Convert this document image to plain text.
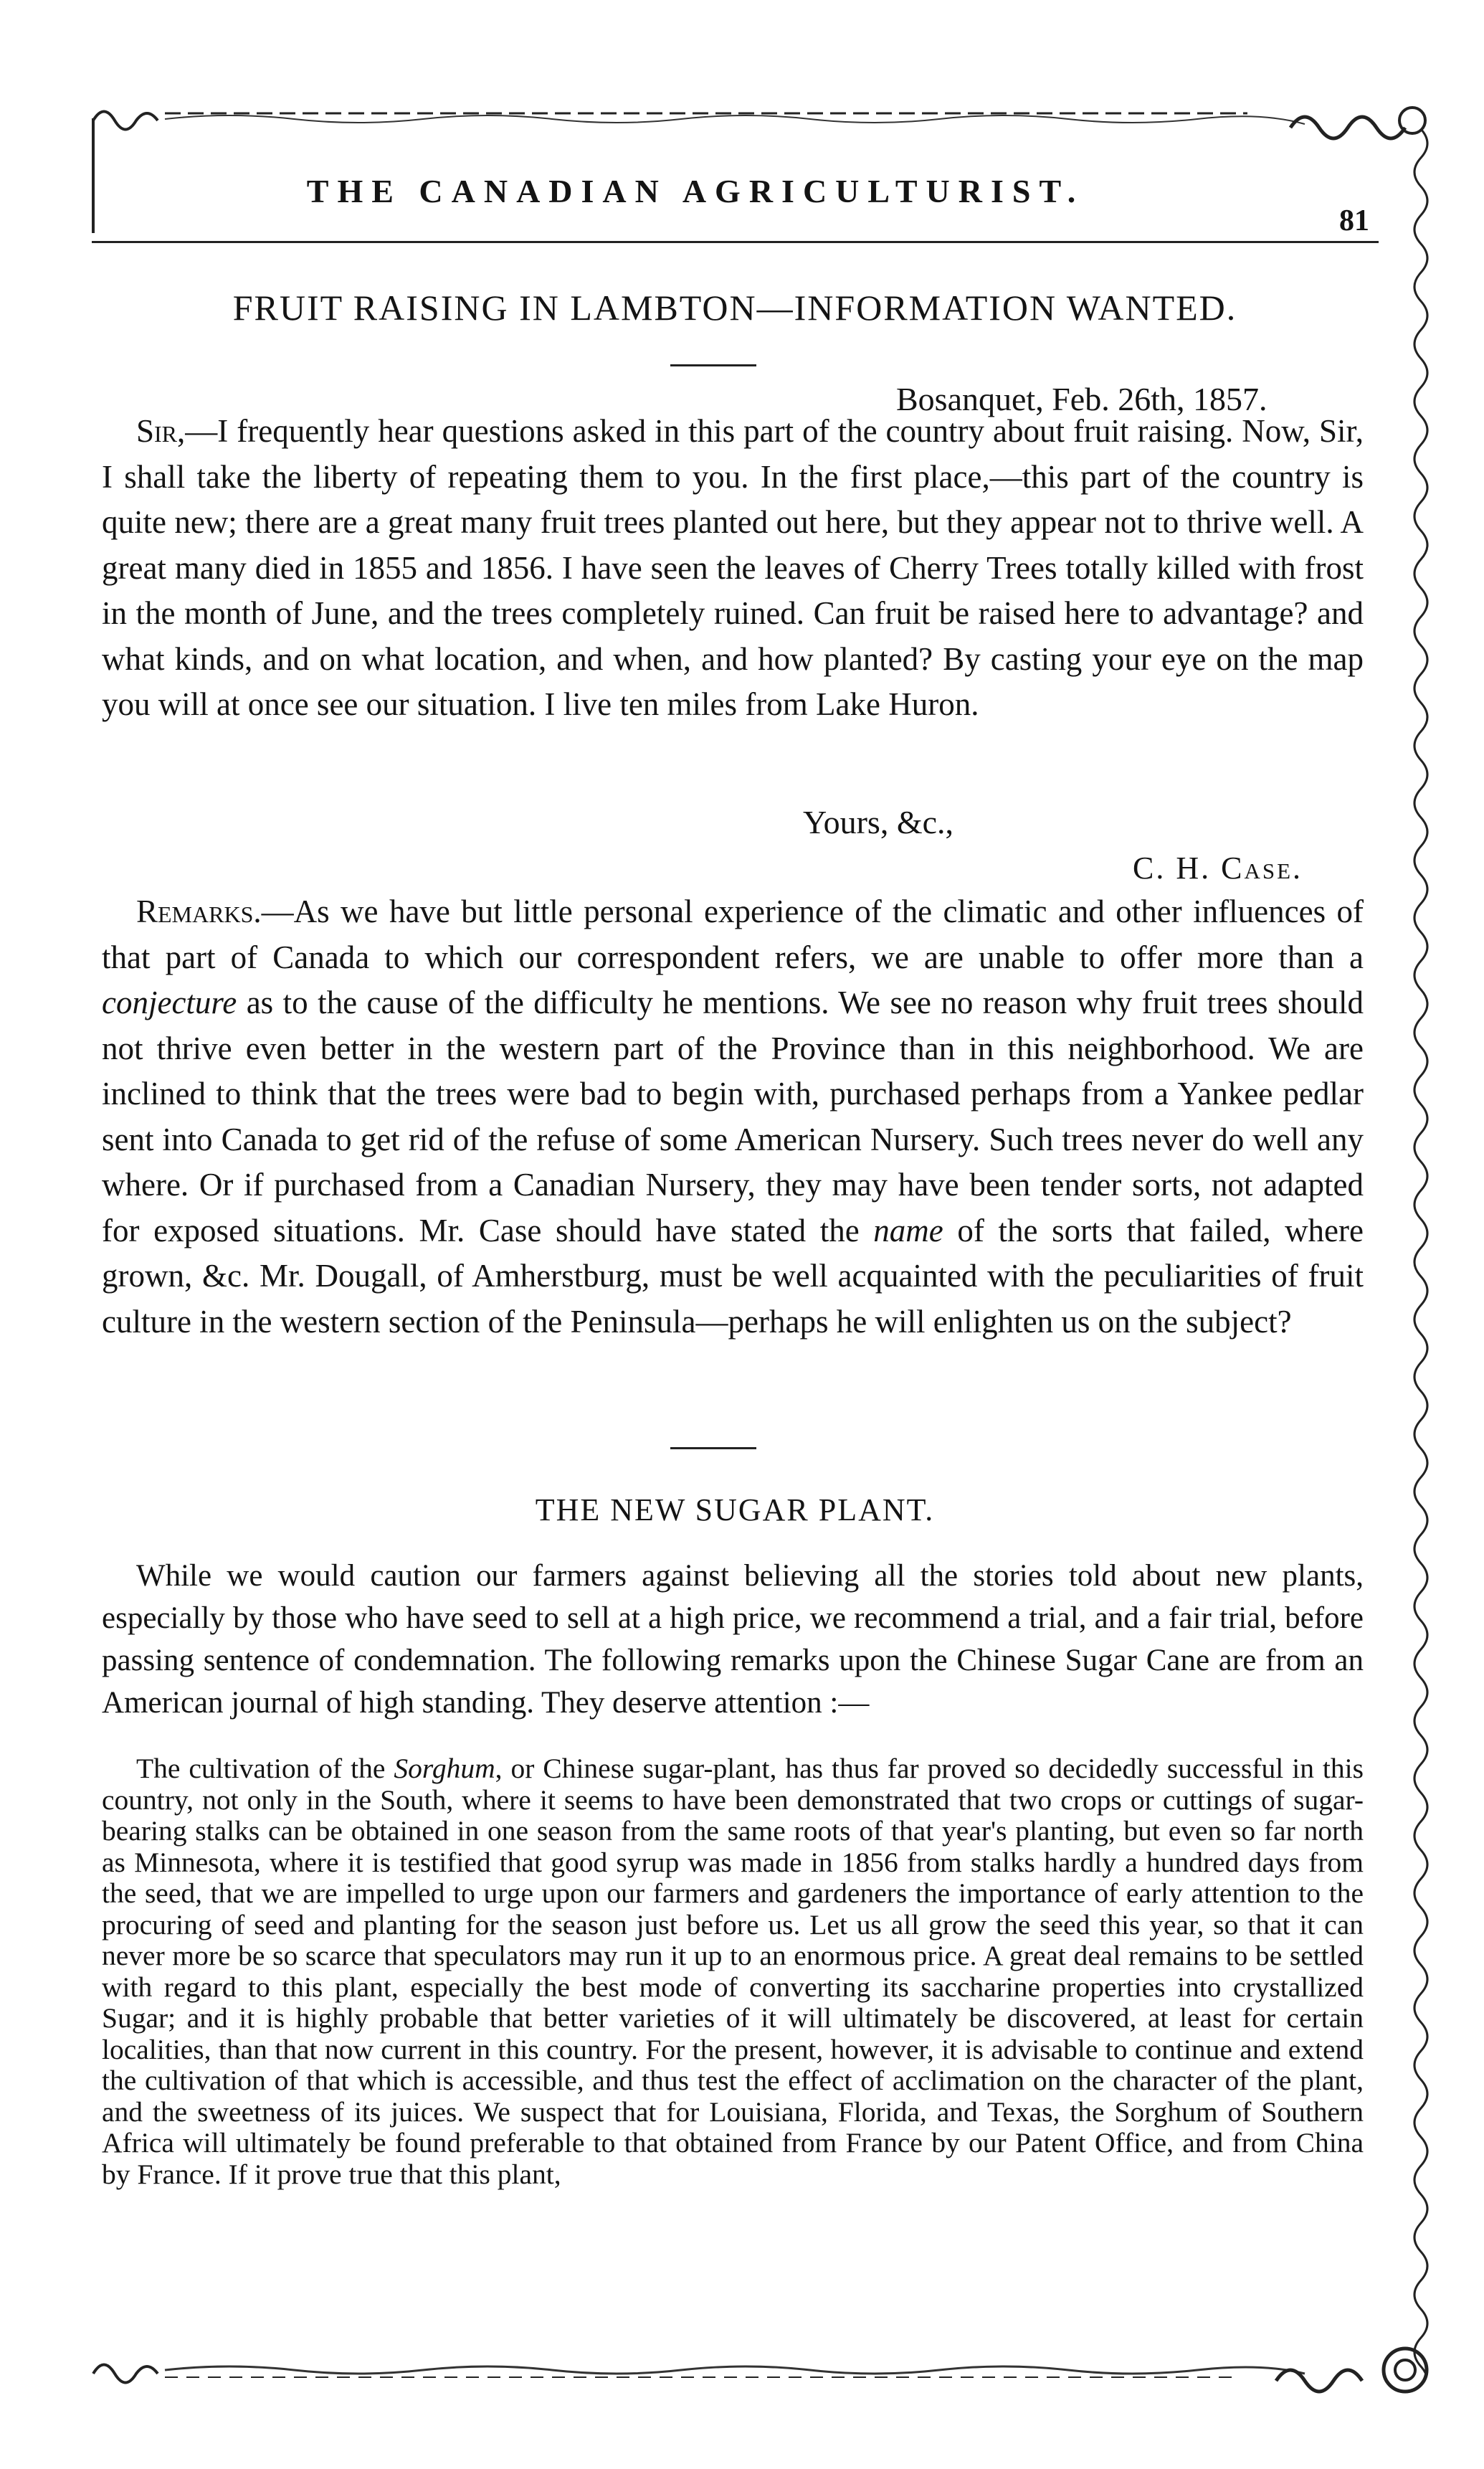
THE CANADIAN AGRICULTURIST.
81
FRUIT RAISING IN LAMBTON—INFORMATION WANTED.
Bosanquet, Feb. 26th, 1857.
Sir,—I frequently hear questions asked in this part of the country about fruit raising. Now, Sir, I shall take the liberty of repeating them to you. In the first place,—this part of the country is quite new; there are a great many fruit trees planted out here, but they appear not to thrive well. A great many died in 1855 and 1856. I have seen the leaves of Cherry Trees totally killed with frost in the month of June, and the trees completely ruined. Can fruit be raised here to advantage? and what kinds, and on what location, and when, and how planted? By casting your eye on the map you will at once see our situation. I live ten miles from Lake Huron.
Yours, &c.,
C. H. Case.
Remarks.—As we have but little personal experience of the climatic and other influences of that part of Canada to which our correspondent refers, we are unable to offer more than a conjecture as to the cause of the difficulty he mentions. We see no reason why fruit trees should not thrive even better in the western part of the Province than in this neighborhood. We are inclined to think that the trees were bad to begin with, purchased perhaps from a Yankee pedlar sent into Canada to get rid of the refuse of some American Nursery. Such trees never do well any where. Or if purchased from a Canadian Nursery, they may have been tender sorts, not adapted for exposed situations. Mr. Case should have stated the name of the sorts that failed, where grown, &c. Mr. Dougall, of Amherstburg, must be well acquainted with the peculiarities of fruit culture in the western section of the Peninsula—perhaps he will enlighten us on the subject?
THE NEW SUGAR PLANT.
While we would caution our farmers against believing all the stories told about new plants, especially by those who have seed to sell at a high price, we recommend a trial, and a fair trial, before passing sentence of condemnation. The following remarks upon the Chinese Sugar Cane are from an American journal of high standing. They deserve attention :—
The cultivation of the Sorghum, or Chinese sugar-plant, has thus far proved so decidedly successful in this country, not only in the South, where it seems to have been demonstrated that two crops or cuttings of sugar-bearing stalks can be obtained in one season from the same roots of that year's planting, but even so far north as Minnesota, where it is testified that good syrup was made in 1856 from stalks hardly a hundred days from the seed, that we are impelled to urge upon our farmers and gardeners the importance of early attention to the procuring of seed and planting for the season just before us. Let us all grow the seed this year, so that it can never more be so scarce that speculators may run it up to an enormous price. A great deal remains to be settled with regard to this plant, especially the best mode of converting its saccharine properties into crystallized Sugar; and it is highly probable that better varieties of it will ultimately be discovered, at least for certain localities, than that now current in this country. For the present, however, it is advisable to continue and extend the cultivation of that which is accessible, and thus test the effect of acclimation on the character of the plant, and the sweetness of its juices. We suspect that for Louisiana, Florida, and Texas, the Sorghum of Southern Africa will ultimately be found preferable to that obtained from France by our Patent Office, and from China by France. If it prove true that this plant,
